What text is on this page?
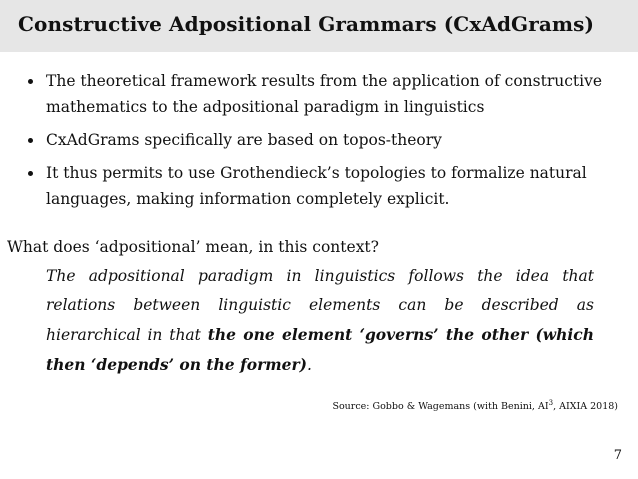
Constructive Adpositional Grammars (CxAdGrams)
The theoretical framework results from the application of constructive mathematics to the adpositional paradigm in linguistics
CxAdGrams specifically are based on topos-theory
It thus permits to use Grothendieck’s topologies to formalize natural languages, making information completely explicit.
What does ‘adpositional’ mean, in this context?
The adpositional paradigm in linguistics follows the idea that relations between linguistic elements can be described as hierarchical in that the one element ‘governs’ the other (which then ‘depends’ on the former).
Source: Gobbo & Wagemans (with Benini, $AI^3$, AIXIA 2018)
7
